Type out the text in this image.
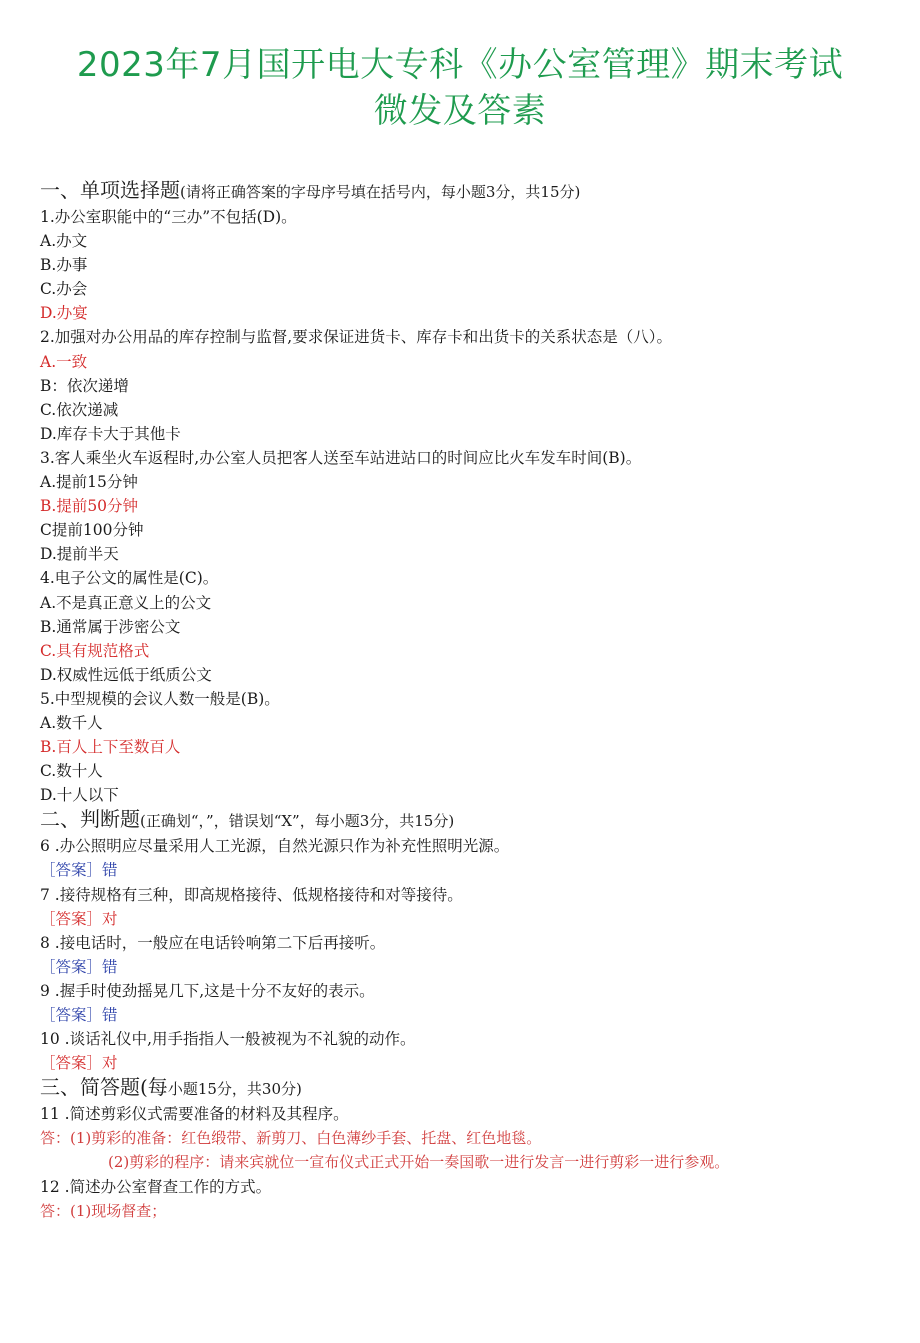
2023年7月国开电大专科《办公室管理》期末考试
微发及答素
一、单项选择题(请将正确答案的字母序号填在括号内，每小题3分，共15分)
1.办公室职能中的“三办”不包括(D)。
A.办文
B.办事
C.办会
D.办宴
2.加强对办公用品的库存控制与监督,要求保证进货卡、库存卡和出货卡的关系状态是（八）。
A.一致
B：依次递增
C.依次递减
D.库存卡大于其他卡
3.客人乘坐火车返程时,办公室人员把客人送至车站进站口的时间应比火车发车时间(B)。
A.提前15分钟
B.提前50分钟
C提前100分钟
D.提前半天
4.电子公文的属性是(C)。
A.不是真正意义上的公文
B.通常属于涉密公文
C.具有规范格式
D.权威性远低于纸质公文
5.中型规模的会议人数一般是(B)。
A.数千人
B.百人上下至数百人
C.数十人
D.十人以下
二、判断题(正确划“，”，错误划“X”，每小题3分，共15分)
6 .办公照明应尽量采用人工光源，自然光源只作为补充性照明光源。
［答案］错
7 .接待规格有三种，即高规格接待、低规格接待和对等接待。
［答案］对
8 .接电话时，一般应在电话铃响第二下后再接听。
［答案］错
9 .握手时使劲摇晃几下,这是十分不友好的表示。
［答案］错
10 .谈话礼仪中,用手指指人一般被视为不礼貌的动作。
［答案］对
三、简答题(每小题15分，共30分)
11 .简述剪彩仪式需要准备的材料及其程序。
答：(1)剪彩的准备：红色缎带、新剪刀、白色薄纱手套、托盘、红色地毯。
(2)剪彩的程序：请来宾就位一宣布仪式正式开始一奏国歌一进行发言一进行剪彩一进行参观。
12 .简述办公室督查工作的方式。
答：(1)现场督查；
